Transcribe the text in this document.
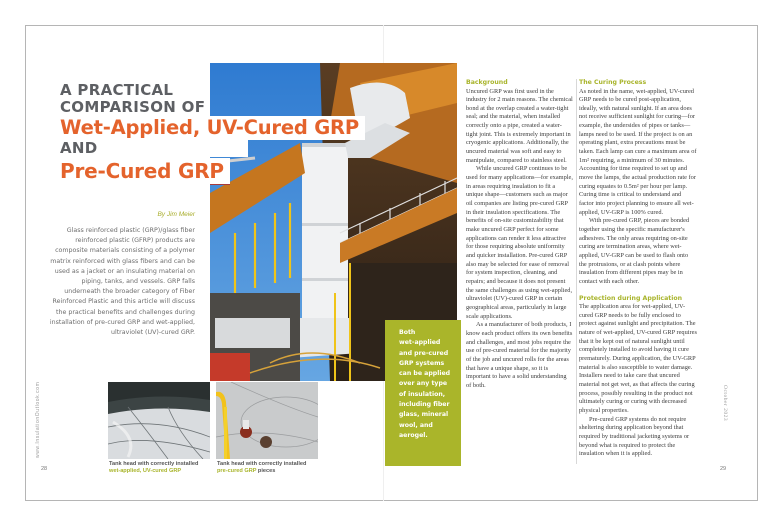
A PRACTICAL
COMPARISON OF
Wet-Applied, UV-Cured GRP
AND
Pre-Cured GRP
By Jim Meier
Glass reinforced plastic (GRP)/glass fiber reinforced plastic (GFRP) products are composite materials consisting of a polymer matrix reinforced with glass fibers and can be used as a jacket or an insulating material on piping, tanks, and vessels. GRP falls underneath the broader category of Fiber Reinforced Plastic and this article will discuss the practical benefits and challenges during installation of pre-cured GRP and wet-applied, ultraviolet (UV)-cured GRP.	Both
wet-applied
and pre-cured
GRP systems
can be applied
over any type
of insulation,
including fiber
glass, mineral
wool, and
aerogel.
Tank head with correctly installed
wet-applied, UV-cured GRP
Tank head with correctly installed
pre-cured GRP pieces
www.InsulationOutlook.com
28	29
October 2023
Background

Uncured GRP was first used in the industry for 2 main reasons. The chemical bond at the overlap created a water-tight seal; and the material, when installed correctly onto a pipe, created a water-tight joint. This is extremely important in cryogenic applications. Additionally, the uncured material was soft and easy to manipulate, compared to stainless steel.

While uncured GRP continues to be used for many applications—for example, in areas requiring insulation to fit a unique shape—customers such as major oil companies are listing pre-cured GRP in their insulation specifications. The benefits of on-site customizability that make uncured GRP perfect for some applications can render it less attractive for those requiring absolute uniformity and quicker installation. Pre-cured GRP also may be selected for ease of removal for system inspection, cleaning, and repairs; and because it does not present the same challenges as using wet-applied, ultraviolet (UV)-cured GRP in certain geographical areas, particularly in large scale applications.

As a manufacturer of both products, I know each product offers its own benefits and challenges, and most jobs require the use of pre-cured material for the majority of the job and uncured rolls for the areas that have a unique shape, so it is important to have a solid understanding of both.

The Curing Process

As noted in the name, wet-applied, UV-cured GRP needs to be cured post-application, ideally, with natural sunlight. If an area does not receive sufficient sunlight for curing—for example, the undersides of pipes or tanks—lamps need to be used. If the project is on an operating plant, extra precautions must be taken. Each lamp can cure a maximum area of 1m² requiring, a minimum of 30 minutes. Accounting for time required to set up and move the lamps, the actual production rate for curing equates to 0.5m² per hour per lamp. Curing time is critical to understand and factor into project planning to ensure all wet-applied, UV-GRP is 100% cured.

With pre-cured GRP, pieces are bonded together using the specific manufacturer's adhesives. The only areas requiring on-site curing are termination areas, where wet-applied, UV-GRP can be used to flash onto the protrusions, or at clash points where insulation from different pipes may be in contact with each other.

Protection during Application

The application area for wet-applied, UV-cured GRP needs to be fully enclosed to protect against sunlight and precipitation. The nature of wet-applied, UV-cured GRP requires that it be kept out of natural sunlight until completely installed to avoid having it cure prematurely. During application, the UV-GRP material is also susceptible to water damage. Installers need to take care that uncured material not get wet, as that affects the curing process, possibly resulting in the product not ultimately curing or curing with decreased physical properties.

Pre-cured GRP systems do not require sheltering during application beyond that required by traditional jacketing systems or beyond what is required to protect the insulation when it is applied.
